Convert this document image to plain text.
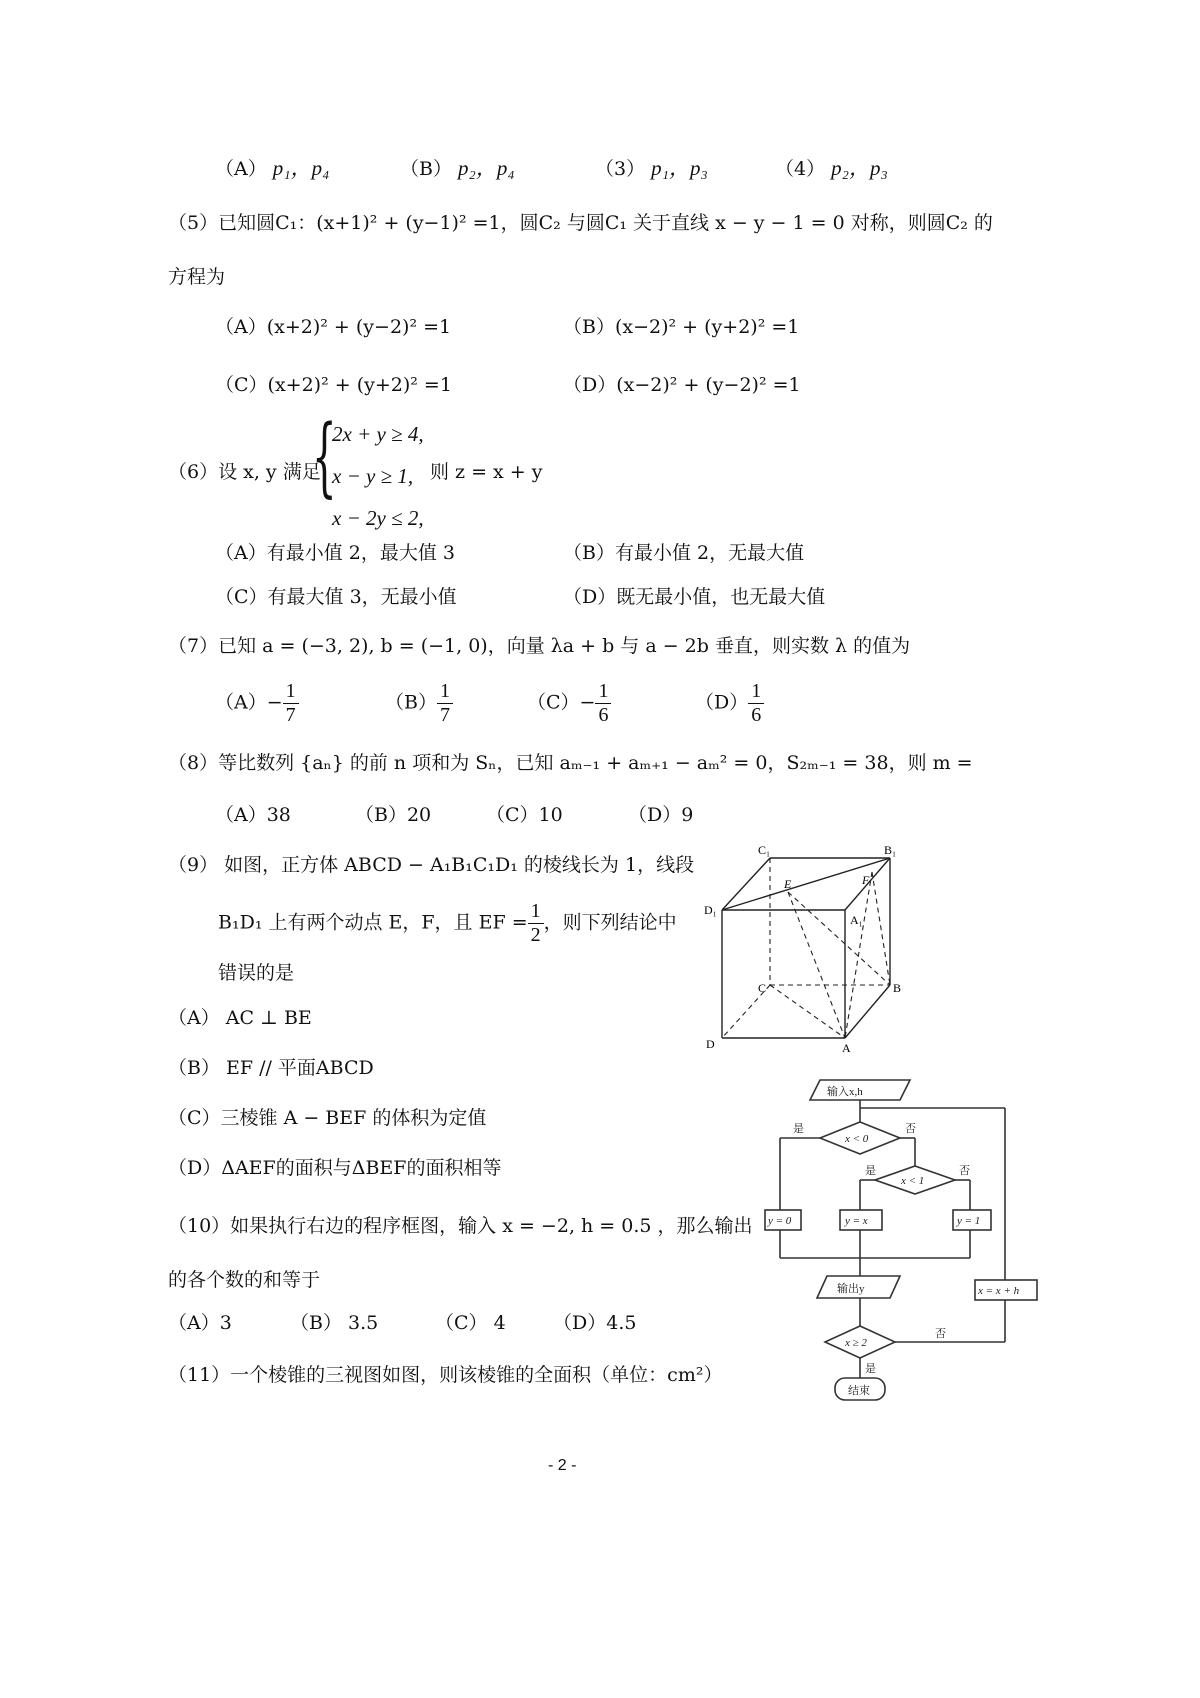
（A） p₁，p₄	（B） p₂，p₄	（3） p₁，p₃	（4） p₂，p₃
（5）已知圆C₁：(x+1)² + (y−1)² =1，圆C₂ 与圆C₁ 关于直线 x − y − 1 = 0 对称，则圆C₂ 的
方程为
（A）(x+2)² + (y−2)² =1	（B）(x−2)² + (y+2)² =1
（C）(x+2)² + (y+2)² =1	（D）(x−2)² + (y−2)² =1
（6）设 x, y 满足
{
2x + y ≥ 4,
x − y ≥ 1,
x − 2y ≤ 2,
则 z = x + y
（A）有最小值 2，最大值 3	（B）有最小值 2，无最大值
（C）有最大值 3，无最小值	（D）既无最小值，也无最大值
（7）已知 a = (−3, 2), b = (−1, 0)，向量 λa + b 与 a − 2b 垂直，则实数 λ 的值为
$(A)- \frac{1}{7}$	$(B) \frac{1}{7}$	$(C)- \frac{1}{6}$	$(D) \frac{1}{6}$
（8）等比数列 {aₙ} 的前 n 项和为 Sₙ，已知 aₘ₋₁ + aₘ₊₁ − aₘ² = 0，S₂ₘ₋₁ = 38，则 m =
（A）38	（B）20	（C）10	（D）9
（9） 如图，正方体 ABCD − A₁B₁C₁D₁ 的棱线长为 1，线段
B₁D₁ 上有两个动点 E，F，且 EF = $\frac{1}{2}$ ，则下列结论中
错误的是
（A） AC ⊥ BE
（B） EF // 平面ABCD
（C）三棱锥 A − BEF 的体积为定值
（D）ΔAEF的面积与ΔBEF的面积相等
C₁	B₁
D₁
A₁
E	F
C	B
D	A
（10）如果执行右边的程序框图，输入 x = −2, h = 0.5 ，那么输出
的各个数的和等于
（A）3	（B） 3.5	（C） 4 （D）4.5
输入x,h
x < 0
是	否
x < 1
是	否
y = 0	y = x	y = 1
输出y	x = x + h
x ≥ 2
否
是
结束
（11）一个棱锥的三视图如图，则该棱锥的全面积（单位：cm²）
- 2 -
